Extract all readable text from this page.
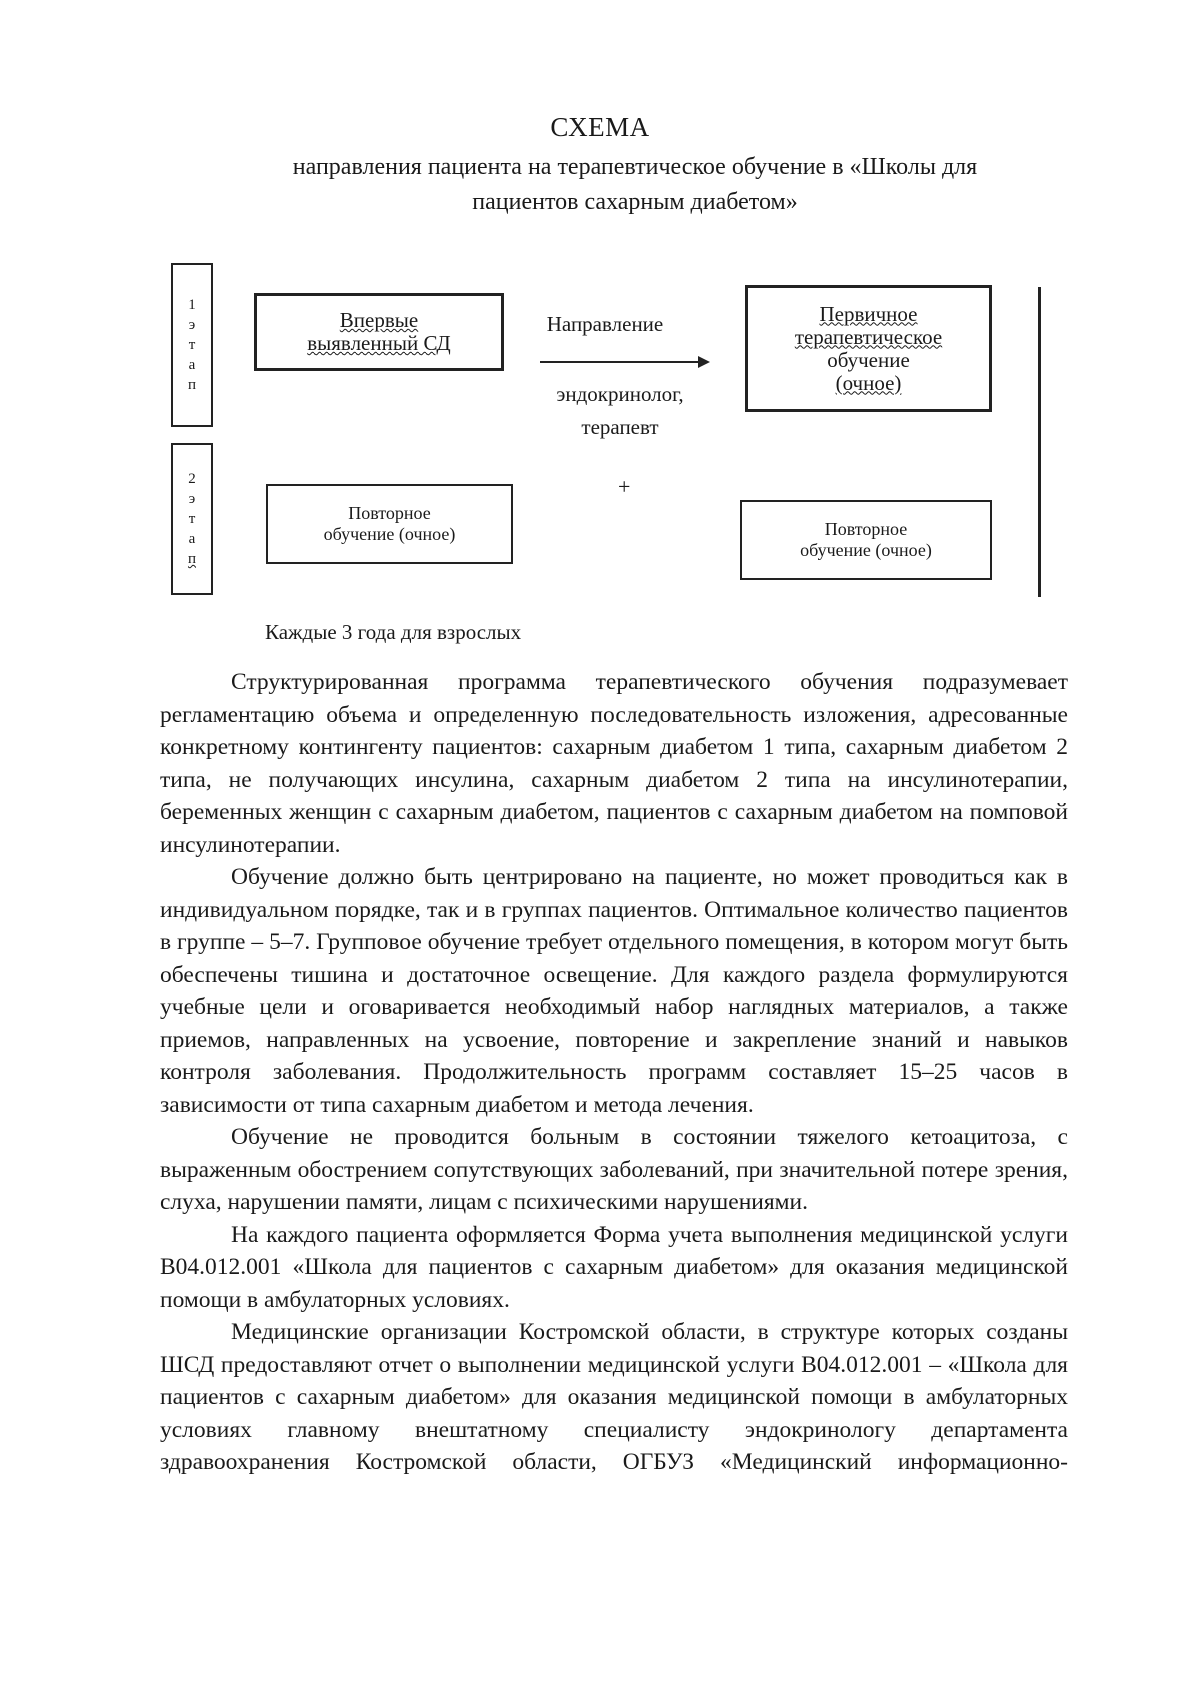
СХЕМА
направления пациента на терапевтическое обучение в «Школы для
пациентов сахарным диабетом»
1
э
т
а
п
2
э
т
а
п
Впервые
выявленный СД
Направление
эндокринолог,
терапевт
Первичное
терапевтическое
обучение
(очное)
+
Повторное
обучение (очное)	Повторное
обучение (очное)
Каждые 3 года для взрослых

Структурированная программа терапевтического обучения подразумевает регламентацию объема и определенную последовательность изложения, адресованные конкретному контингенту пациентов: сахарным диабетом 1 типа, сахарным диабетом 2 типа, не получающих инсулина, сахарным диабетом 2 типа на инсулинотерапии, беременных женщин с сахарным диабетом, пациентов с сахарным диабетом на помповой инсулинотерапии.

Обучение должно быть центрировано на пациенте, но может проводиться как в индивидуальном порядке, так и в группах пациентов. Оптимальное количество пациентов в группе – 5–7. Групповое обучение требует отдельного помещения, в котором могут быть обеспечены тишина и достаточное освещение. Для каждого раздела формулируются учебные цели и оговаривается необходимый набор наглядных материалов, а также приемов, направленных на усвоение, повторение и закрепление знаний и навыков контроля заболевания. Продолжительность программ составляет 15–25 часов в зависимости от типа сахарным диабетом и метода лечения.

Обучение не проводится больным в состоянии тяжелого кетоацитоза, с выраженным обострением сопутствующих заболеваний, при значительной потере зрения, слуха, нарушении памяти, лицам с психическими нарушениями.

На каждого пациента оформляется Форма учета выполнения медицинской услуги B04.012.001 «Школа для пациентов с сахарным диабетом» для оказания медицинской помощи в амбулаторных условиях.

Медицинские организации Костромской области, в структуре которых созданы ШСД предоставляют отчет о выполнении медицинской услуги B04.012.001 – «Школа для пациентов с сахарным диабетом» для оказания медицинской помощи в амбулаторных условиях главному внештатному специалисту эндокринологу департамента здравоохранения Костромской области, ОГБУЗ «Медицинский информационно-
